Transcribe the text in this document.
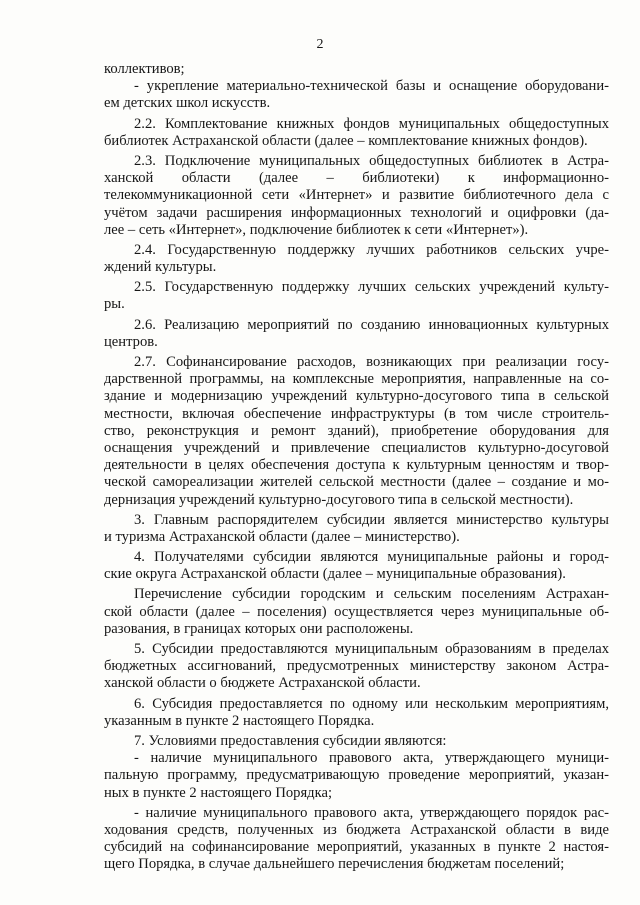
2
коллективов;
- укрепление материально-технической базы и оснащение оборудовани-
ем детских школ искусств.
2.2. Комплектование книжных фондов муниципальных общедоступных
библиотек Астраханской области (далее – комплектование книжных фондов).
2.3. Подключение муниципальных общедоступных библиотек в Астра-
ханской области (далее – библиотеки) к информационно-
телекоммуникационной сети «Интернет» и развитие библиотечного дела с
учётом задачи расширения информационных технологий и оцифровки (да-
лее – сеть «Интернет», подключение библиотек к сети «Интернет»).
2.4. Государственную поддержку лучших работников сельских учре-
ждений культуры.
2.5. Государственную поддержку лучших сельских учреждений культу-
ры.
2.6. Реализацию мероприятий по созданию инновационных культурных
центров.
2.7. Софинансирование расходов, возникающих при реализации госу-
дарственной программы, на комплексные мероприятия, направленные на со-
здание и модернизацию учреждений культурно-досугового типа в сельской
местности, включая обеспечение инфраструктуры (в том числе строитель-
ство, реконструкция и ремонт зданий), приобретение оборудования для
оснащения учреждений и привлечение специалистов культурно-досуговой
деятельности в целях обеспечения доступа к культурным ценностям и твор-
ческой самореализации жителей сельской местности (далее – создание и мо-
дернизация учреждений культурно-досугового типа в сельской местности).
3. Главным распорядителем субсидии является министерство культуры
и туризма Астраханской области (далее – министерство).
4. Получателями субсидии являются муниципальные районы и город-
ские округа Астраханской области (далее – муниципальные образования).
Перечисление субсидии городским и сельским поселениям Астрахан-
ской области (далее – поселения) осуществляется через муниципальные об-
разования, в границах которых они расположены.
5. Субсидии предоставляются муниципальным образованиям в пределах
бюджетных ассигнований, предусмотренных министерству законом Астра-
ханской области о бюджете Астраханской области.
6. Субсидия предоставляется по одному или нескольким мероприятиям,
указанным в пункте 2 настоящего Порядка.
7. Условиями предоставления субсидии являются:
- наличие муниципального правового акта, утверждающего муници-
пальную программу, предусматривающую проведение мероприятий, указан-
ных в пункте 2 настоящего Порядка;
- наличие муниципального правового акта, утверждающего порядок рас-
ходования средств, полученных из бюджета Астраханской области в виде
субсидий на софинансирование мероприятий, указанных в пункте 2 настоя-
щего Порядка, в случае дальнейшего перечисления бюджетам поселений;
